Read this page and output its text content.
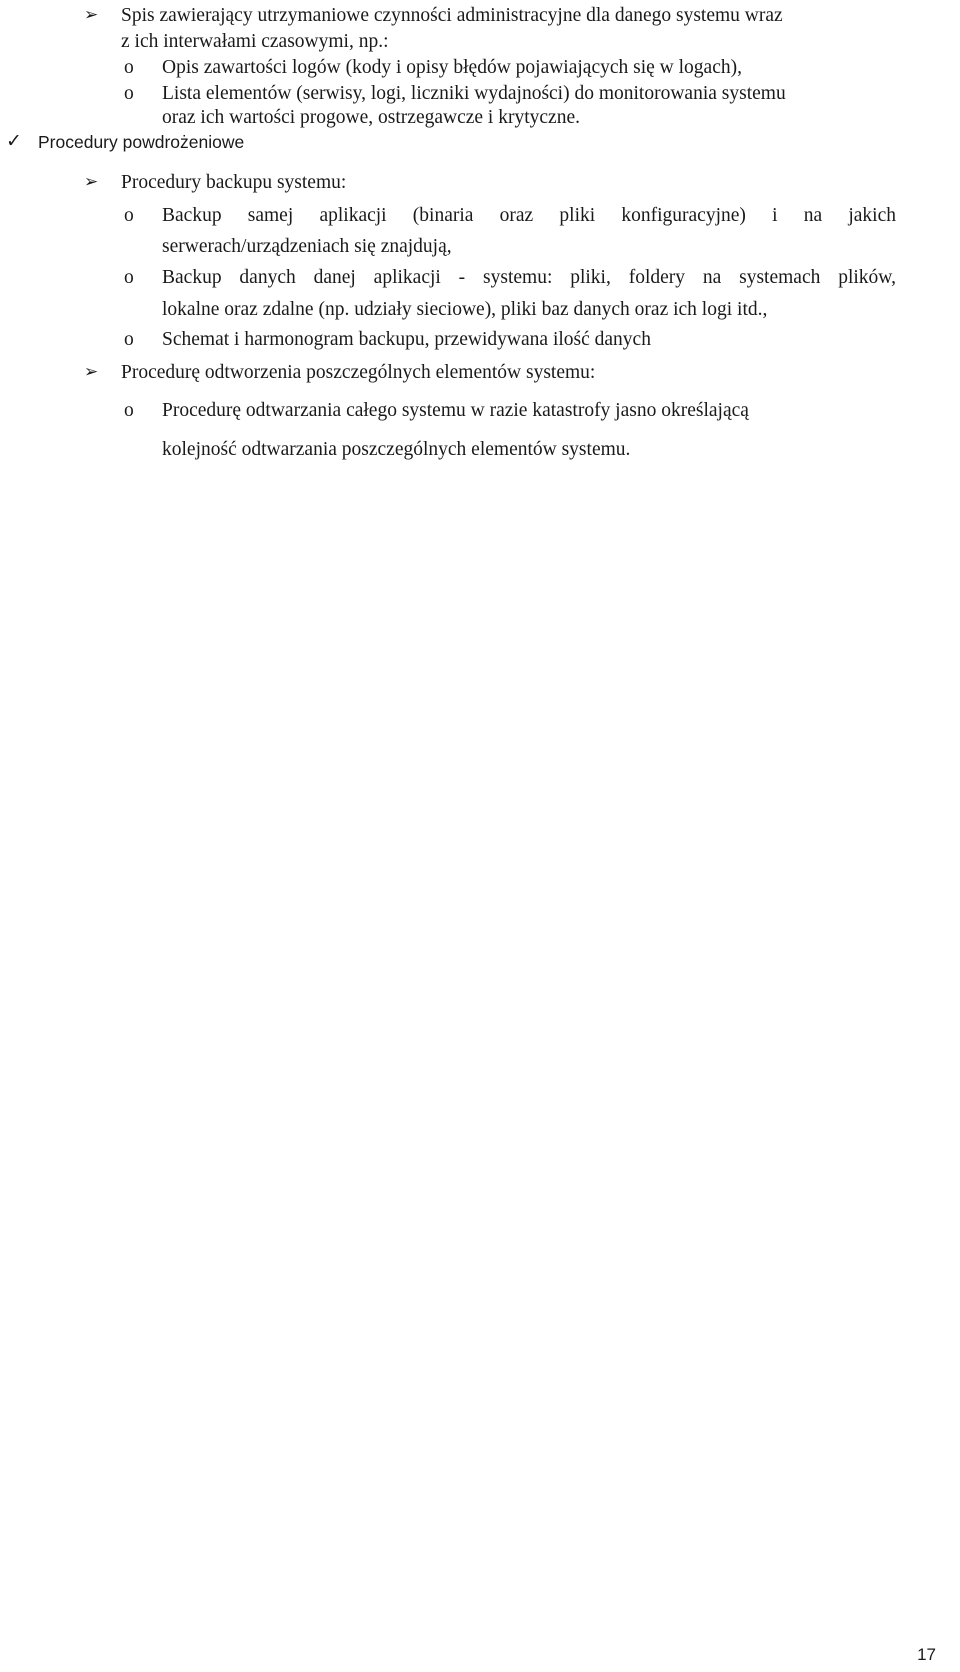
➢ Spis zawierający utrzymaniowe czynności administracyjne dla danego systemu wraz
z ich interwałami czasowymi, np.:
o Opis zawartości logów (kody i opisy błędów pojawiających się w logach),
o Lista elementów (serwisy, logi, liczniki wydajności) do monitorowania systemu
oraz ich wartości progowe, ostrzegawcze i krytyczne.
✓ Procedury powdrożeniowe
➢ Procedury backupu systemu:
o Backup samej aplikacji (binaria oraz pliki konfiguracyjne) i na jakich
serwerach/urządzeniach się znajdują,
o Backup danych danej aplikacji - systemu: pliki, foldery na systemach plików,
lokalne oraz zdalne (np. udziały sieciowe), pliki baz danych oraz ich logi itd.,
o Schemat i harmonogram backupu, przewidywana ilość danych
➢ Procedurę odtworzenia poszczególnych elementów systemu:
o Procedurę odtwarzania całego systemu w razie katastrofy jasno określającą
kolejność odtwarzania poszczególnych elementów systemu.
17
